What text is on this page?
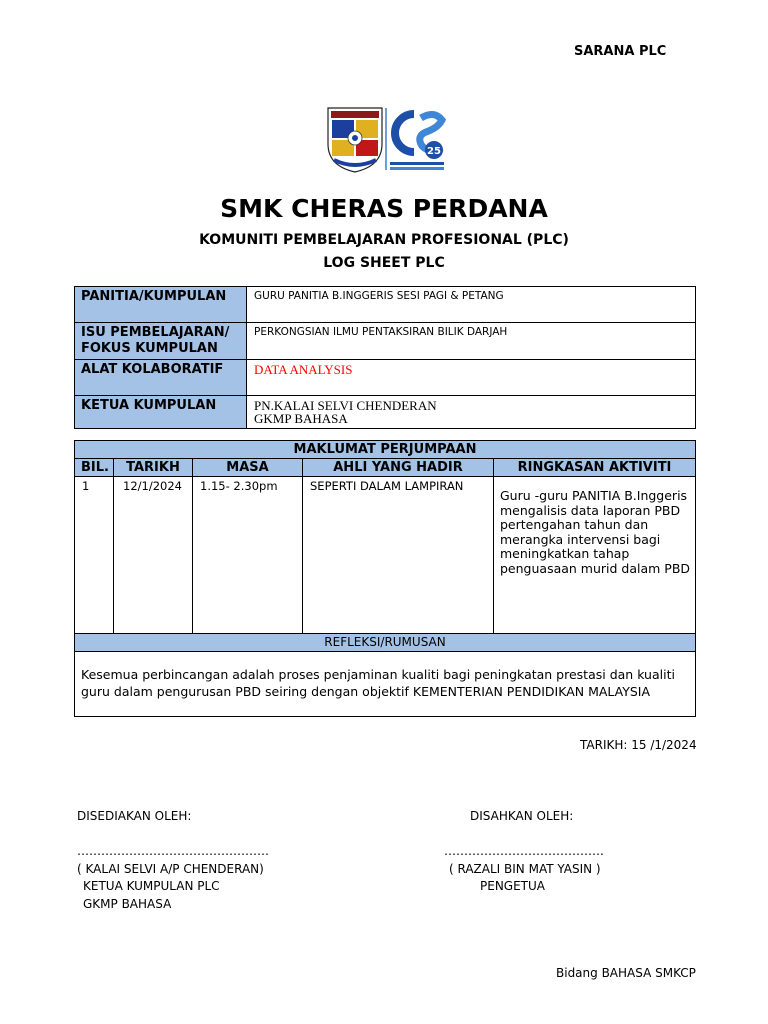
SARANA PLC
25
SMK CHERAS PERDANA
KOMUNITI PEMBELAJARAN PROFESIONAL (PLC)
LOG SHEET PLC
PANITIA/KUMPULAN	GURU PANITIA B.INGGERIS SESI PAGI & PETANG

ISU PEMBELAJARAN/
FOKUS KUMPULAN	PERKONGSIAN ILMU PENTAKSIRAN BILIK DARJAH
ALAT KOLABORATIF	DATA ANALYSIS
KETUA KUMPULAN	PN.KALAI SELVI CHENDERAN
GKMP BAHASA
MAKLUMAT PERJUMPAAN				
BIL.	TARIKH	MASA	AHLI YANG HADIR	RINGKASAN AKTIVITI
1	12/1/2024	1.15- 2.30pm	SEPERTI DALAM LAMPIRAN	Guru -guru PANITIA B.Inggeris mengalisis data laporan PBD pertengahan tahun dan merangka intervensi bagi meningkatkan tahap penguasaan murid dalam PBD
REFLEKSI/RUMUSAN				
Kesemua perbincangan adalah proses penjaminan kualiti bagi peningkatan prestasi dan kualiti guru dalam pengurusan PBD seiring dengan objektif KEMENTERIAN PENDIDIKAN MALAYSIA				
TARIKH: 15 /1/2024
DISEDIAKAN OLEH:	DISAHKAN OLEH:
…………………………………………	………………………………….
( KALAI SELVI A/P CHENDERAN)
KETUA KUMPULAN PLC
GKMP BAHASA
( RAZALI BIN MAT YASIN )
PENGETUA
Bidang BAHASA SMKCP
